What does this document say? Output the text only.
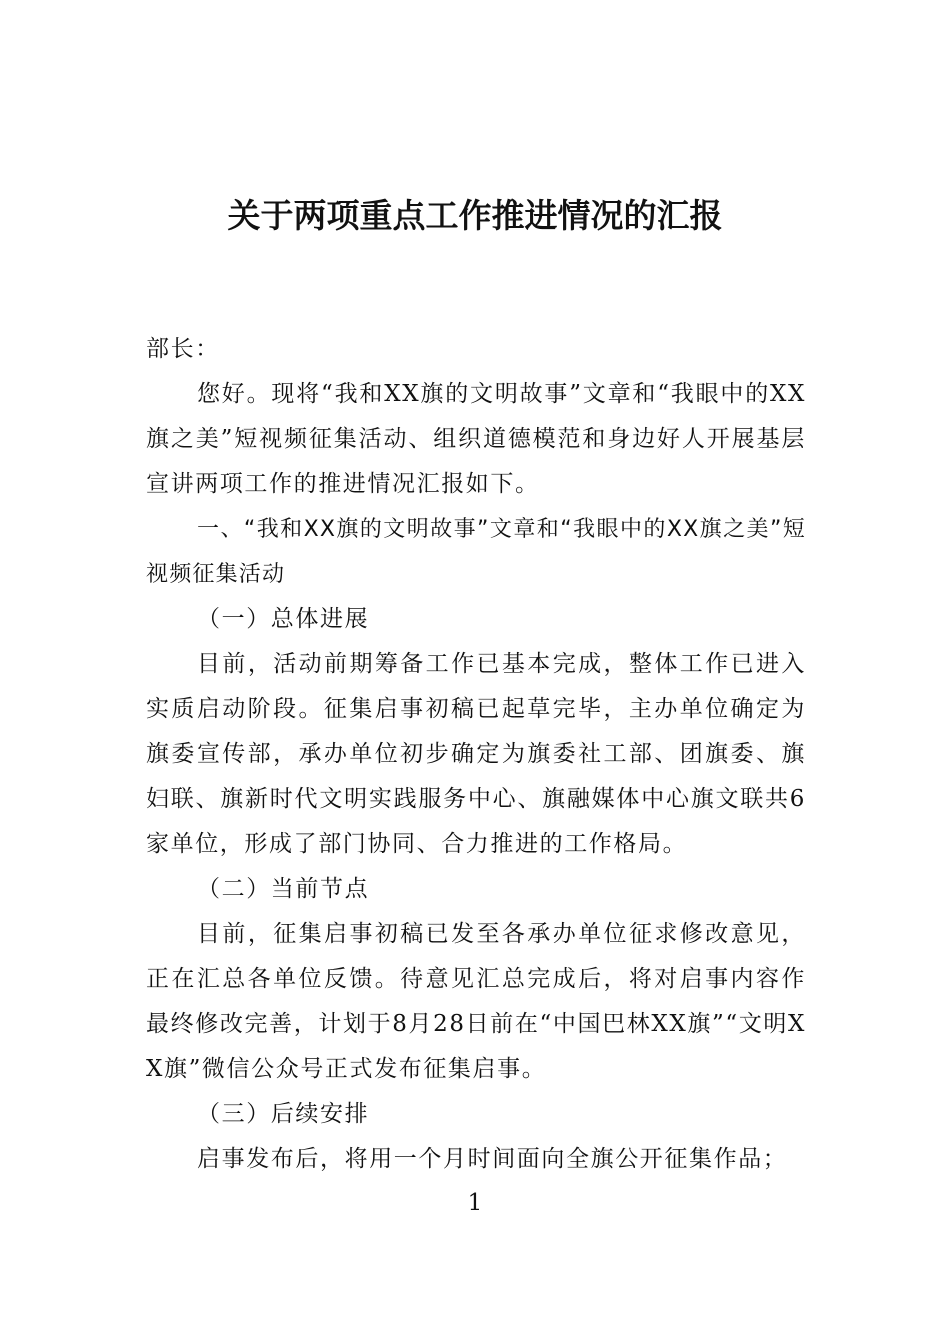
关于两项重点工作推进情况的汇报
部长：
您好。现将“我和XX旗的文明故事”文章和“我眼中的XX旗之美”短视频征集活动、组织道德模范和身边好人开展基层宣讲两项工作的推进情况汇报如下。
一、“我和XX旗的文明故事”文章和“我眼中的XX旗之美”短视频征集活动
（一）总体进展
目前，活动前期筹备工作已基本完成，整体工作已进入实质启动阶段。征集启事初稿已起草完毕，主办单位确定为旗委宣传部，承办单位初步确定为旗委社工部、团旗委、旗妇联、旗新时代文明实践服务中心、旗融媒体中心旗文联共6家单位，形成了部门协同、合力推进的工作格局。
（二）当前节点
目前，征集启事初稿已发至各承办单位征求修改意见，正在汇总各单位反馈。待意见汇总完成后，将对启事内容作最终修改完善，计划于8月28日前在“中国巴林XX旗”“文明XX旗”微信公众号正式发布征集启事。
（三）后续安排
启事发布后，将用一个月时间面向全旗公开征集作品；
1
